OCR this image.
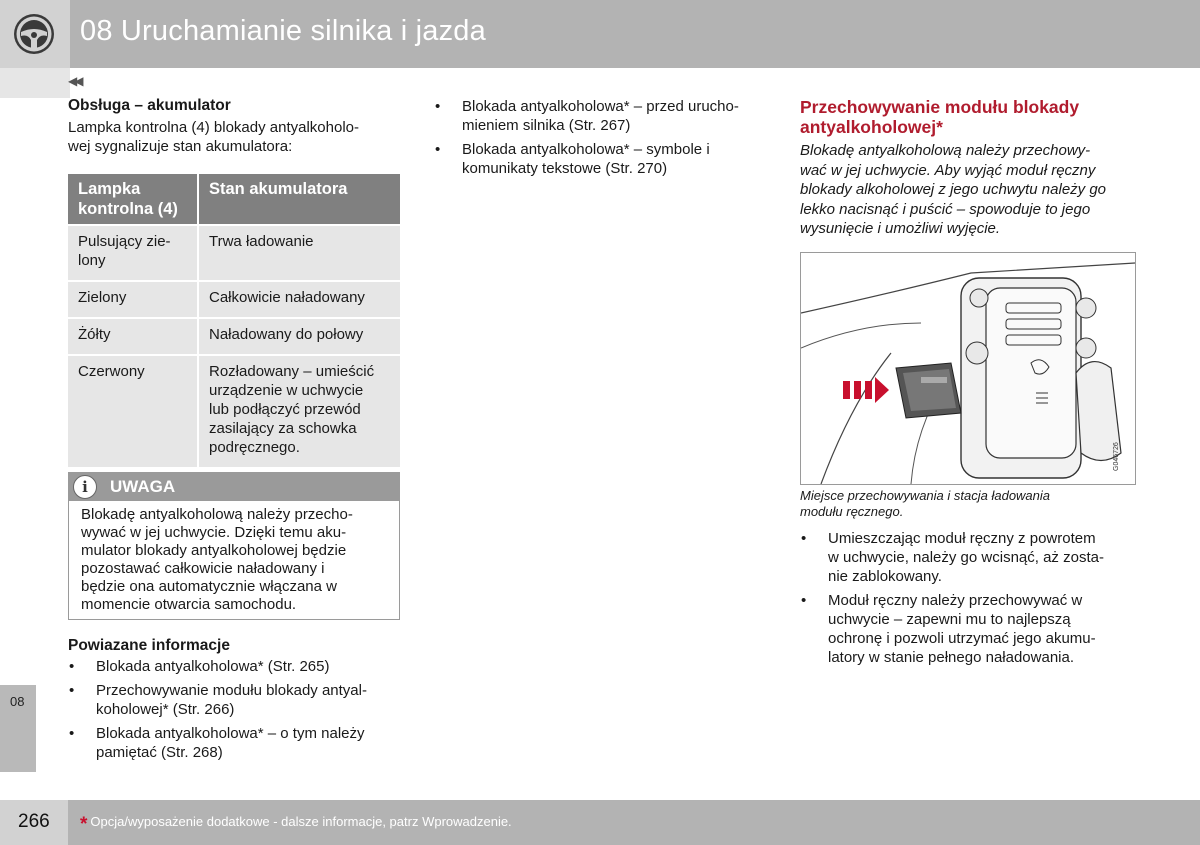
08 Uruchamianie silnika i jazda
◀◀
08
Obsługa – akumulator
Lampka kontrolna (4) blokady antyalkoholo-
wej sygnalizuje stan akumulatora:
Lampka
kontrolna (4)	Stan akumulatora

Pulsujący zie-
lony	Trwa ładowanie
Zielony	Całkowicie naładowany
Żółty	Naładowany do połowy
Czerwony	Rozładowany – umieścić
urządzenie w uchwycie
lub podłączyć przewód
zasilający za schowka
podręcznego.
i	UWAGA
Blokadę antyalkoholową należy przecho-
wywać w jej uchwycie. Dzięki temu aku-
mulator blokady antyalkoholowej będzie
pozostawać całkowicie naładowany i
będzie ona automatycznie włączana w
momencie otwarcia samochodu.
Powiazane informacje
• Blokada antyalkoholowa* (Str. 265)
• Przechowywanie modułu blokady antyal-
koholowej* (Str. 266)
• Blokada antyalkoholowa* – o tym należy
pamiętać (Str. 268)
• Blokada antyalkoholowa* – przed urucho-
mieniem silnika (Str. 267)
• Blokada antyalkoholowa* – symbole i
komunikaty tekstowe (Str. 270)
Przechowywanie modułu blokady
antyalkoholowej*
Blokadę antyalkoholową należy przechowy-
wać w jej uchwycie. Aby wyjąć moduł ręczny
blokady alkoholowej z jego uchwytu należy go
lekko nacisnąć i puścić – spowoduje to jego
wysunięcie i umożliwi wyjęcie.
G046726
Miejsce przechowywania i stacja ładowania
modułu ręcznego.
• Umieszczając moduł ręczny z powrotem
w uchwycie, należy go wcisnąć, aż zosta-
nie zablokowany.
• Moduł ręczny należy przechowywać w
uchwycie – zapewni mu to najlepszą
ochronę i pozwoli utrzymać jego akumu-
latory w stanie pełnego naładowania.
266 * Opcja/wyposażenie dodatkowe - dalsze informacje, patrz Wprowadzenie.
